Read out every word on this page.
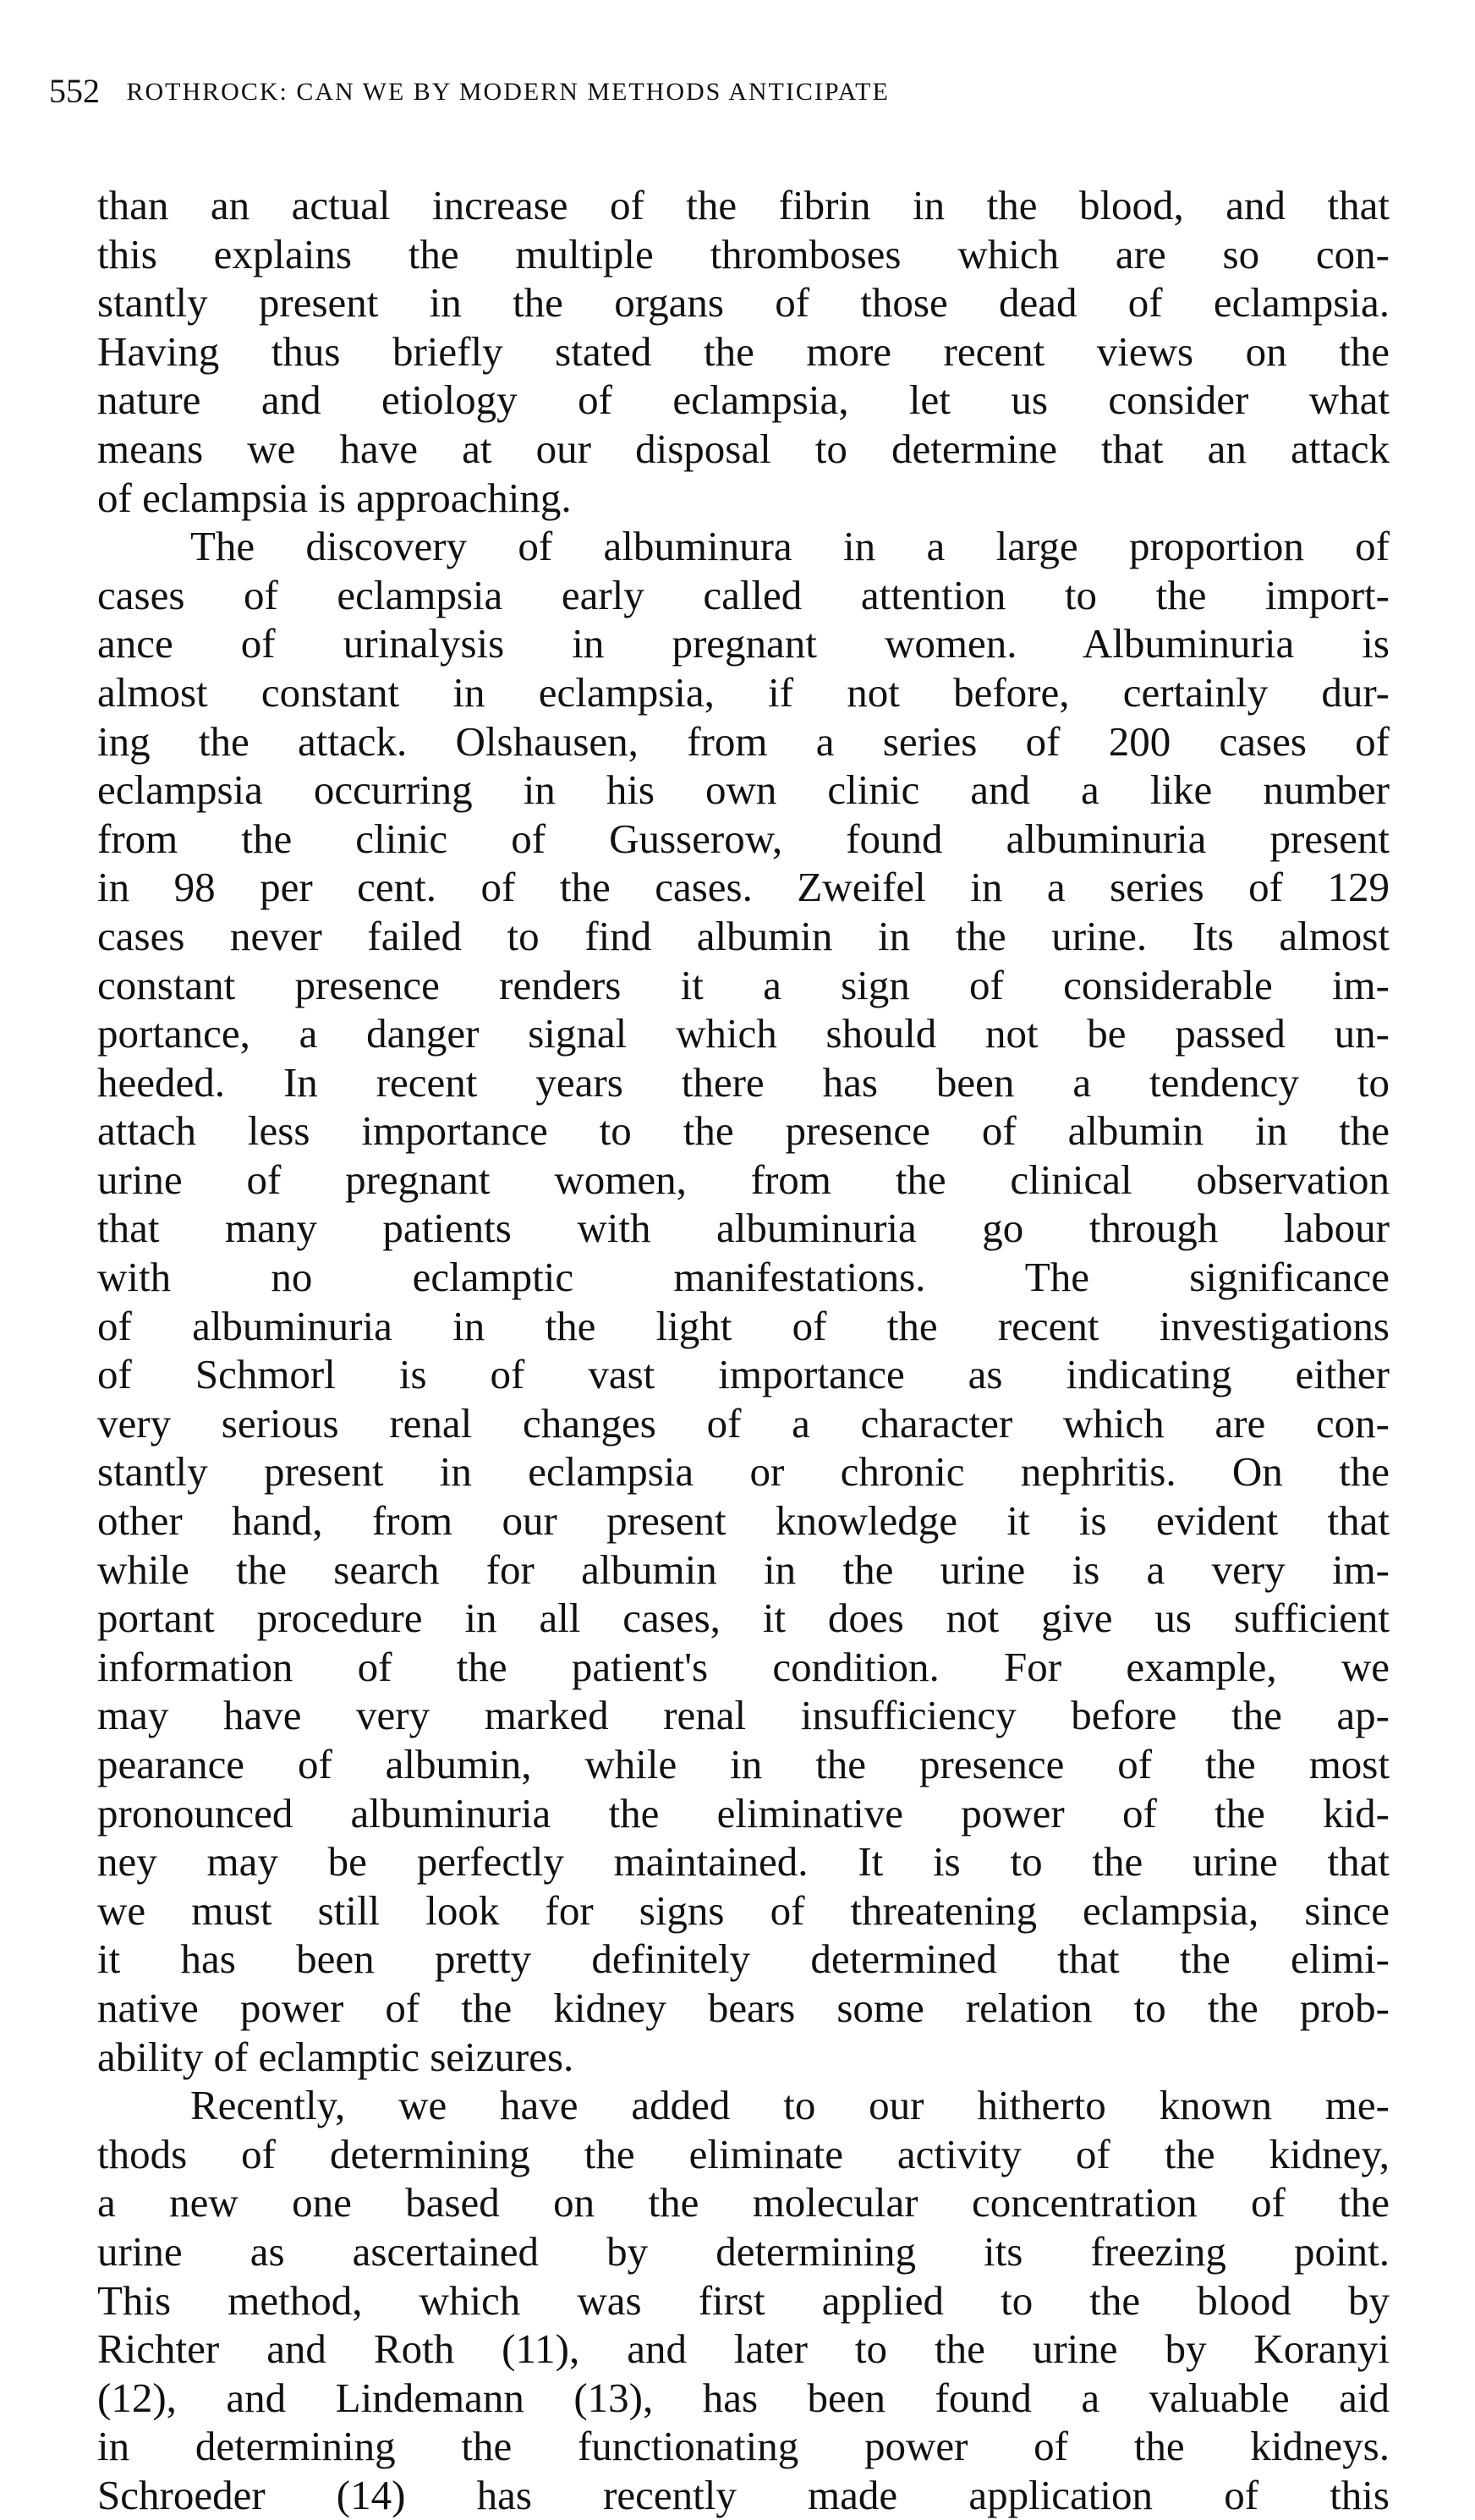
552 ROTHROCK: CAN WE BY MODERN METHODS ANTICIPATE
than an actual increase of the fibrin in the blood, and that
this explains the multiple thromboses which are so con-
stantly present in the organs of those dead of eclampsia.
Having thus briefly stated the more recent views on the
nature and etiology of eclampsia, let us consider what
means we have at our disposal to determine that an attack
of eclampsia is approaching.
The discovery of albuminura in a large proportion of
cases of eclampsia early called attention to the import-
ance of urinalysis in pregnant women. Albuminuria is
almost constant in eclampsia, if not before, certainly dur-
ing the attack. Olshausen, from a series of 200 cases of
eclampsia occurring in his own clinic and a like number
from the clinic of Gusserow, found albuminuria present
in 98 per cent. of the cases. Zweifel in a series of 129
cases never failed to find albumin in the urine. Its almost
constant presence renders it a sign of considerable im-
portance, a danger signal which should not be passed un-
heeded. In recent years there has been a tendency to
attach less importance to the presence of albumin in the
urine of pregnant women, from the clinical observation
that many patients with albuminuria go through labour
with no eclamptic manifestations. The significance
of albuminuria in the light of the recent investigations
of Schmorl is of vast importance as indicating either
very serious renal changes of a character which are con-
stantly present in eclampsia or chronic nephritis. On the
other hand, from our present knowledge it is evident that
while the search for albumin in the urine is a very im-
portant procedure in all cases, it does not give us sufficient
information of the patient's condition. For example, we
may have very marked renal insufficiency before the ap-
pearance of albumin, while in the presence of the most
pronounced albuminuria the eliminative power of the kid-
ney may be perfectly maintained. It is to the urine that
we must still look for signs of threatening eclampsia, since
it has been pretty definitely determined that the elimi-
native power of the kidney bears some relation to the prob-
ability of eclamptic seizures.
Recently, we have added to our hitherto known me-
thods of determining the eliminate activity of the kidney,
a new one based on the molecular concentration of the
urine as ascertained by determining its freezing point.
This method, which was first applied to the blood by
Richter and Roth (11), and later to the urine by Koranyi
(12), and Lindemann (13), has been found a valuable aid
in determining the functionating power of the kidneys.
Schroeder (14) has recently made application of this
